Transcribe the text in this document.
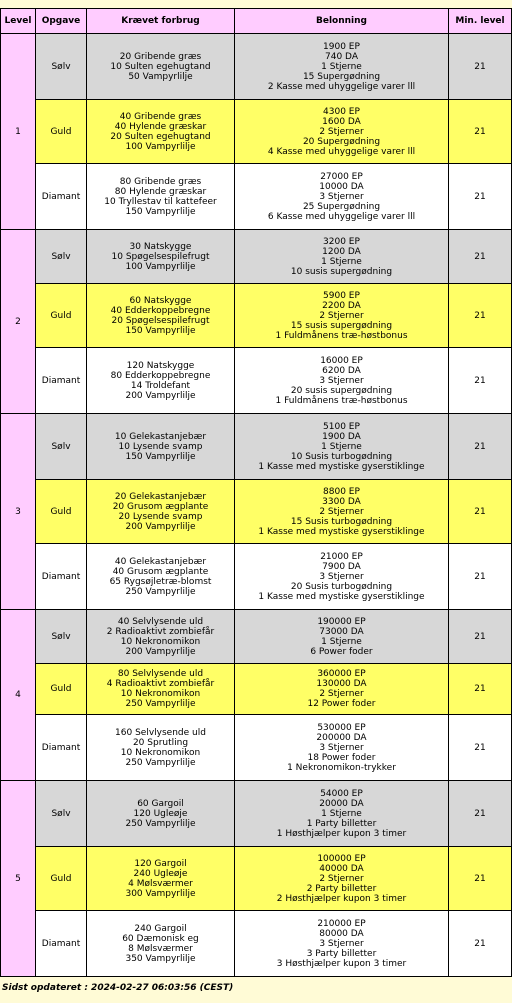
Level	Opgave	Krævet forbrug	Belonning	Min. level

1	Sølv	20 Gribende græs
10 Sulten egehugtand
50 Vampyrlilje	1900 EP
740 DA
1 Stjerne
15 Supergødning
2 Kasse med uhyggelige varer lll	21
	Guld	40 Gribende græs
40 Hylende græskar
20 Sulten egehugtand
100 Vampyrlilje	4300 EP
1600 DA
2 Stjerner
20 Supergødning
4 Kasse med uhyggelige varer lll	21
	Diamant	80 Gribende græs
80 Hylende græskar
10 Tryllestav til kattefeer
150 Vampyrlilje	27000 EP
10000 DA
3 Stjerner
25 Supergødning
6 Kasse med uhyggelige varer lll	21

2	Sølv	30 Natskygge
10 Spøgelsespilefrugt
100 Vampyrlilje	3200 EP
1200 DA
1 Stjerne
10 susis supergødning	21
	Guld	60 Natskygge
40 Edderkoppebregne
20 Spøgelsespilefrugt
150 Vampyrlilje	5900 EP
2200 DA
2 Stjerner
15 susis supergødning
1 Fuldmånens træ-høstbonus	21
	Diamant	120 Natskygge
80 Edderkoppebregne
14 Troldefant
200 Vampyrlilje	16000 EP
6200 DA
3 Stjerner
20 susis supergødning
1 Fuldmånens træ-høstbonus	21

3	Sølv	10 Gelekastanjebær
10 Lysende svamp
150 Vampyrlilje	5100 EP
1900 DA
1 Stjerne
10 Susis turbogødning
1 Kasse med mystiske gyserstiklinge	21
	Guld	20 Gelekastanjebær
20 Grusom ægplante
20 Lysende svamp
200 Vampyrlilje	8800 EP
3300 DA
2 Stjerner
15 Susis turbogødning
1 Kasse med mystiske gyserstiklinge	21
	Diamant	40 Gelekastanjebær
40 Grusom ægplante
65 Rygsøjletræ-blomst
250 Vampyrlilje	21000 EP
7900 DA
3 Stjerner
20 Susis turbogødning
1 Kasse med mystiske gyserstiklinge	21

4	Sølv	40 Selvlysende uld
2 Radioaktivt zombiefår
10 Nekronomikon
200 Vampyrlilje	190000 EP
73000 DA
1 Stjerne
6 Power foder	21
	Guld	80 Selvlysende uld
4 Radioaktivt zombiefår
10 Nekronomikon
250 Vampyrlilje	360000 EP
130000 DA
2 Stjerner
12 Power foder	21
	Diamant	160 Selvlysende uld
20 Sprutling
10 Nekronomikon
250 Vampyrlilje	530000 EP
200000 DA
3 Stjerner
18 Power foder
1 Nekronomikon-trykker	21

5	Sølv	60 Gargoil
120 Ugleøje
250 Vampyrlilje	54000 EP
20000 DA
1 Stjerne
1 Party billetter
1 Høsthjælper kupon 3 timer	21
	Guld	120 Gargoil
240 Ugleøje
4 Mølsværmer
300 Vampyrlilje	100000 EP
40000 DA
2 Stjerner
2 Party billetter
2 Høsthjælper kupon 3 timer	21
	Diamant	240 Gargoil
60 Dæmonisk eg
8 Mølsværmer
350 Vampyrlilje	210000 EP
80000 DA
3 Stjerner
3 Party billetter
3 Høsthjælper kupon 3 timer	21
Sidst opdateret : 2024-02-27 06:03:56 (CEST)
